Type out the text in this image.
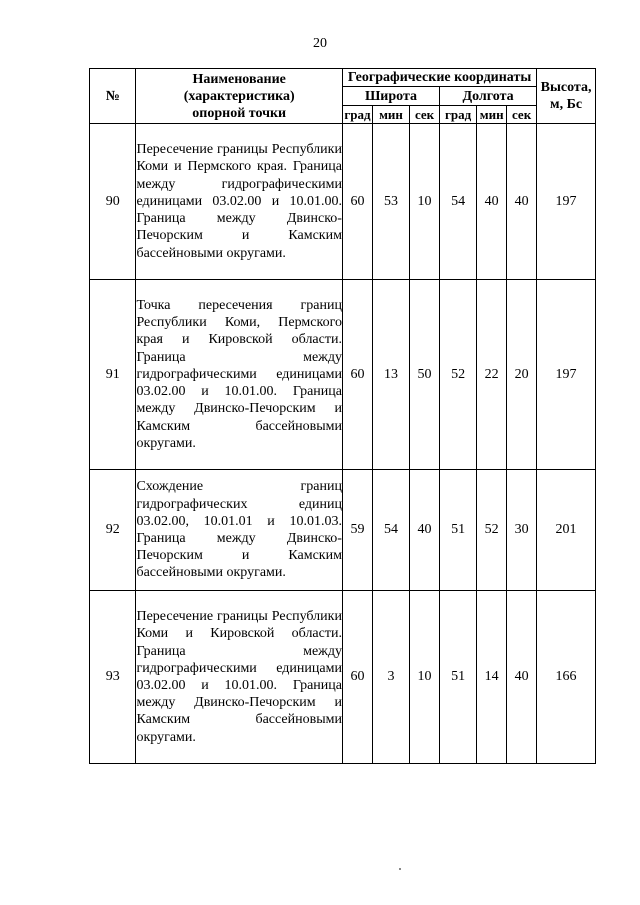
20
№	Наименование (характеристика) опорной точки	Географические координаты						Высота, м, Бс
		Широта			Долгота			
		град	мин	сек	град	мин	сек	
90	Пересечение границы Республики Коми и Пермского края. Граница между гидрографическими единицами 03.02.00 и 10.01.00. Граница между Двинско-Печорским и Камским бассейновыми округами.	60	53	10	54	40	40	197
91	Точка пересечения границ Республики Коми, Пермского края и Кировской области. Граница между гидрографическими единицами 03.02.00 и 10.01.00. Граница между Двинско-Печорским и Камским бассейновыми округами.	60	13	50	52	22	20	197
92	Схождение границ гидрографических единиц 03.02.00, 10.01.01 и 10.01.03. Граница между Двинско-Печорским и Камским бассейновыми округами.	59	54	40	51	52	30	201
93	Пересечение границы Республики Коми и Кировской области. Граница между гидрографическими единицами 03.02.00 и 10.01.00. Граница между Двинско-Печорским и Камским бассейновыми округами.	60	3	10	51	14	40	166
